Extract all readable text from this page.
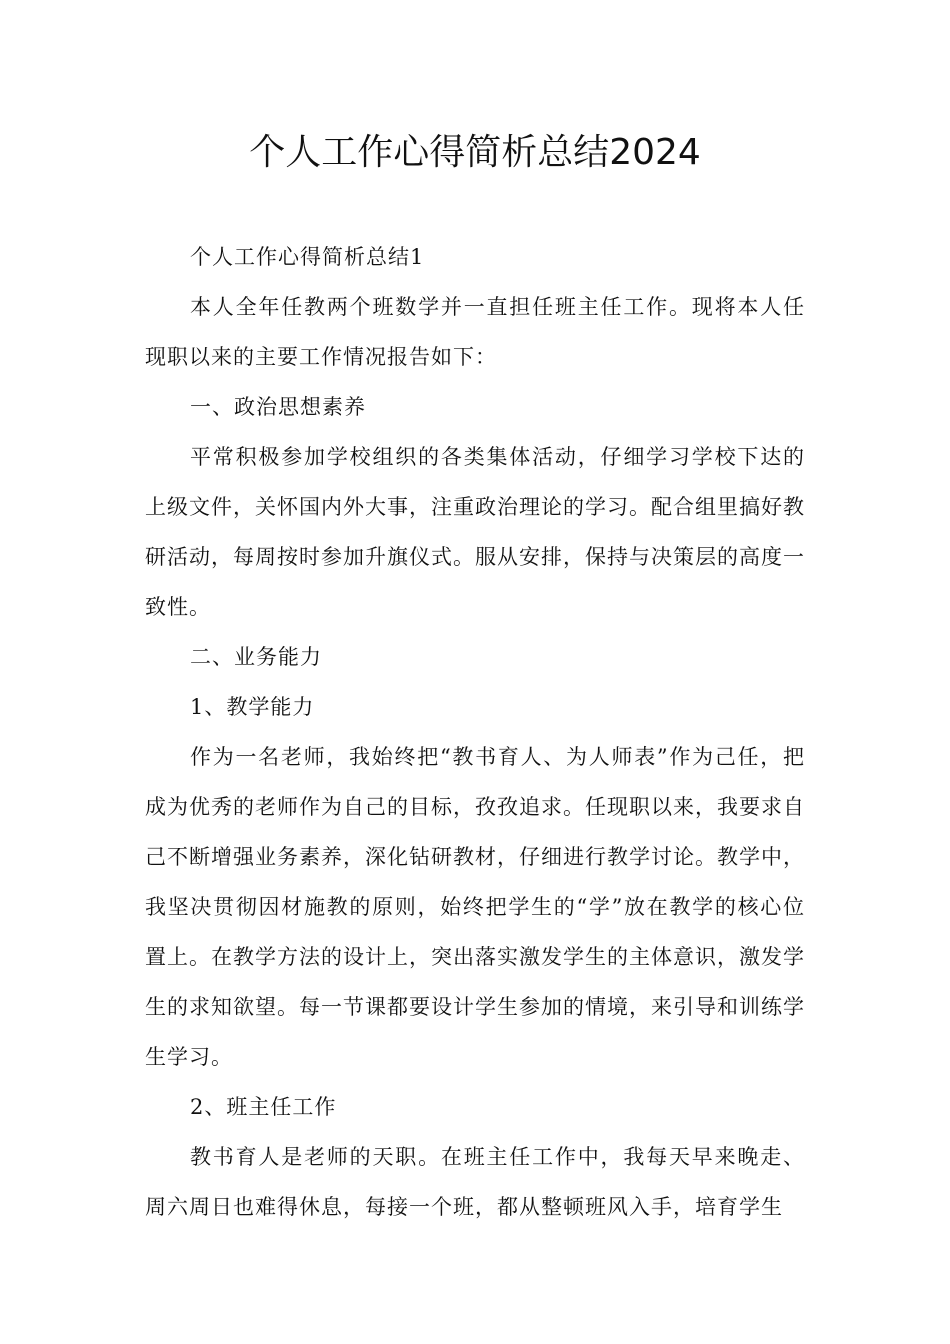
个人工作心得简析总结2024

个人工作心得简析总结1

本人全年任教两个班数学并一直担任班主任工作。现将本人任现职以来的主要工作情况报告如下：

一、政治思想素养

平常积极参加学校组织的各类集体活动，仔细学习学校下达的上级文件，关怀国内外大事，注重政治理论的学习。配合组里搞好教研活动，每周按时参加升旗仪式。服从安排，保持与决策层的高度一致性。

二、业务能力

1、教学能力

作为一名老师，我始终把“教书育人、为人师表”作为己任，把成为优秀的老师作为自己的目标，孜孜追求。任现职以来，我要求自己不断增强业务素养，深化钻研教材，仔细进行教学讨论。教学中，我坚决贯彻因材施教的原则，始终把学生的“学”放在教学的核心位置上。在教学方法的设计上，突出落实激发学生的主体意识，激发学生的求知欲望。每一节课都要设计学生参加的情境，来引导和训练学生学习。

2、班主任工作

教书育人是老师的天职。在班主任工作中，我每天早来晚走、周六周日也难得休息，每接一个班，都从整顿班风入手，培育学生
